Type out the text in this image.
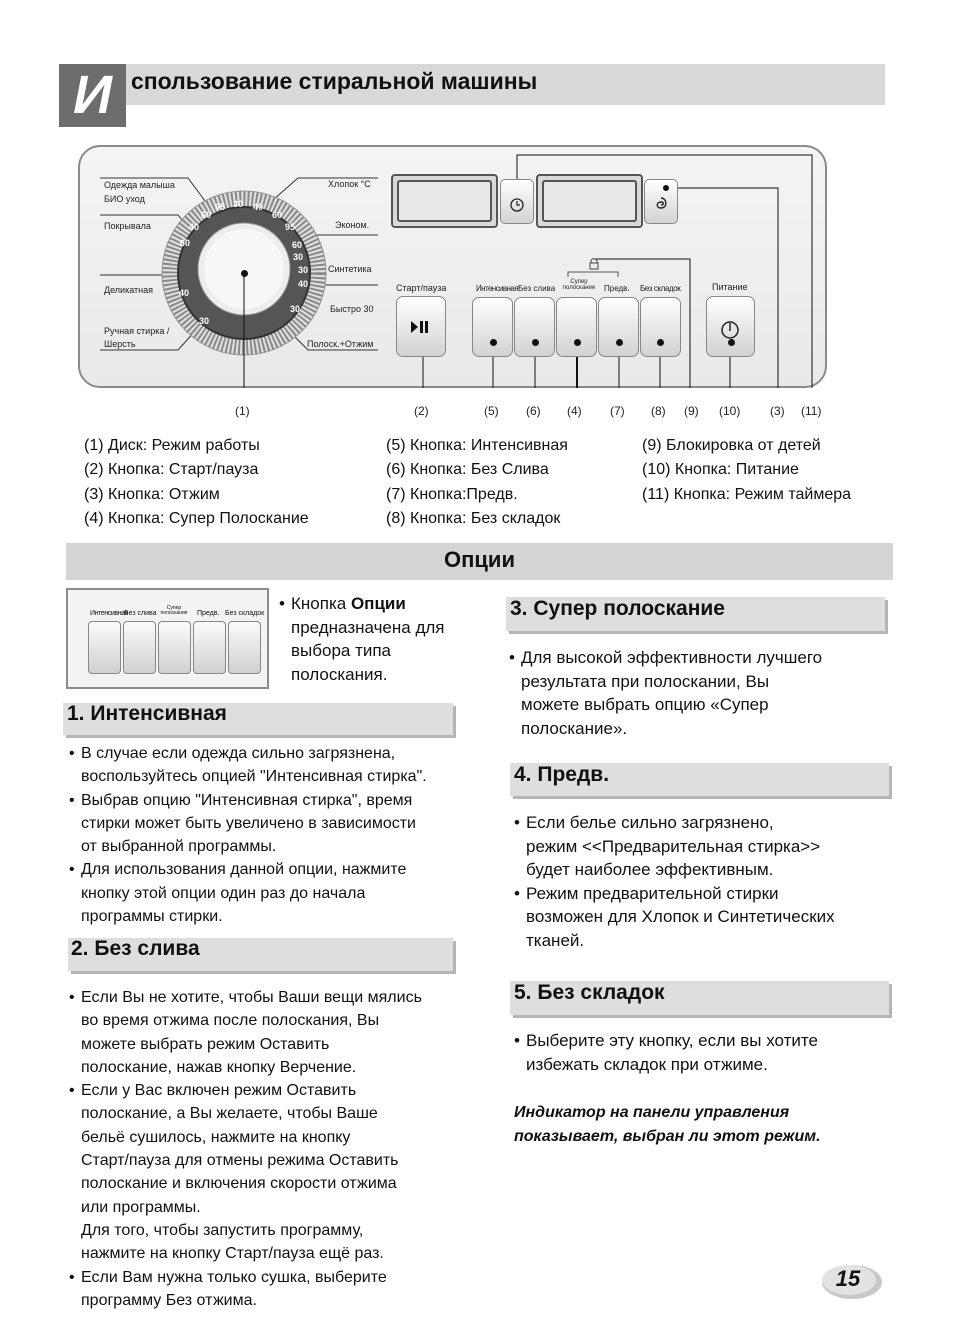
И спользование стиральной машины
Одежда малыша
БИО уход
Покрывала
Деликатная
Ручная стирка /
Шерсть
Хлопок °C
Эконом.
Синтетика
Быстро 30
Полоск.+Отжим
30 40
60
95
95
60
40
30
60
30
40
60
30
40
30
Старт/пауза	Интенсивная Без слива
Супер полоскание Предв. Без складок	Питание
(1)	(2)	(5) (6) (4) (7) (8) (9) (10) (3) (11)
(1) Диск: Режим работы
(2) Кнопка: Старт/пауза
(3) Кнопка: Отжим
(4) Кнопка: Супер Полоскание
(5) Кнопка: Интенсивная
(6) Кнопка: Без Слива
(7) Кнопка:Предв.
(8) Кнопка: Без складок
(9) Блокировка от детей
(10) Кнопка: Питание
(11) Кнопка: Режим таймера
Опции
Интенсивная
Без слива
Супер полоскание Предв. Без складок
• Кнопка Опции
предназначена для
выбора типа
полоскания.
1. Интенсивная
• В случае если одежда сильно загрязнена,
воспользуйтесь опцией "Интенсивная стирка".
• Выбрав опцию "Интенсивная стирка", время
стирки может быть увеличено в зависимости
от выбранной программы.
• Для использования данной опции, нажмите
кнопку этой опции один раз до начала
программы стирки.
2. Без слива
• Если Вы не хотите, чтобы Ваши вещи мялись
во время отжима после полоскания, Вы
можете выбрать режим Оставить
полоскание, нажав кнопку Верчение.
• Если у Вас включен режим Оставить
полоскание, а Вы желаете, чтобы Ваше
бельё сушилось, нажмите на кнопку
Старт/пауза для отмены режима Оставить
полоскание и включения скорости отжима
или программы.
Для того, чтобы запустить программу,
нажмите на кнопку Старт/пауза ещё раз.
• Если Вам нужна только сушка, выберите
программу Без отжима.
3. Супер полоскание
• Для высокой эффективности лучшего
результата при полоскании, Вы
можете выбрать опцию «Супер
полоскание».
4. Предв.
• Если белье сильно загрязнено,
режим <<Предварительная стирка>>
будет наиболее эффективным.
• Режим предварительной стирки
возможен для Хлопок и Синтетических
тканей.
5. Без складок
• Выберите эту кнопку, если вы хотите
избежать складок при отжиме.
Индикатор на панели управления
показывает, выбран ли этот режим.
15
